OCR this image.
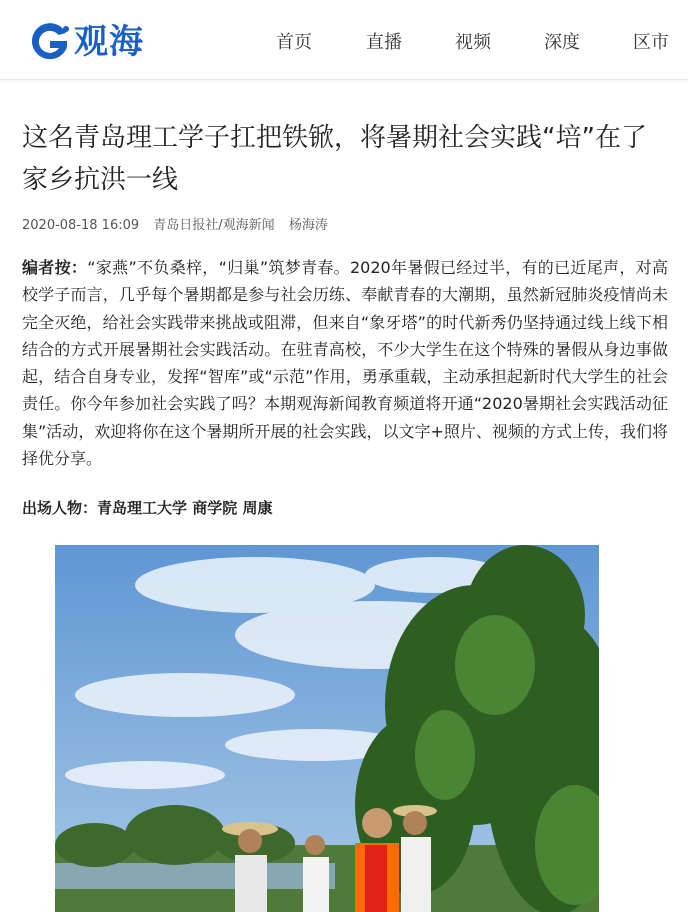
观海	首页	直播	视频	深度	区市
这名青岛理工学子扛把铁锨，将暑期社会实践“培”在了家乡抗洪一线
2020-08-18 16:09 青岛日报社/观海新闻 杨海涛

编者按：“家燕”不负桑梓，“归巢”筑梦青春。2020年暑假已经过半，有的已近尾声，对高校学子而言，几乎每个暑期都是参与社会历练、奉献青春的大潮期，虽然新冠肺炎疫情尚未完全灭绝，给社会实践带来挑战或阻滞，但来自“象牙塔”的时代新秀仍坚持通过线上线下相结合的方式开展暑期社会实践活动。在驻青高校，不少大学生在这个特殊的暑假从身边事做起，结合自身专业，发挥“智库”或“示范”作用，勇承重载，主动承担起新时代大学生的社会责任。你今年参加社会实践了吗？本期观海新闻教育频道将开通“2020暑期社会实践活动征集”活动，欢迎将你在这个暑期所开展的社会实践，以文字+照片、视频的方式上传，我们将择优分享。

出场人物：青岛理工大学 商学院 周康
